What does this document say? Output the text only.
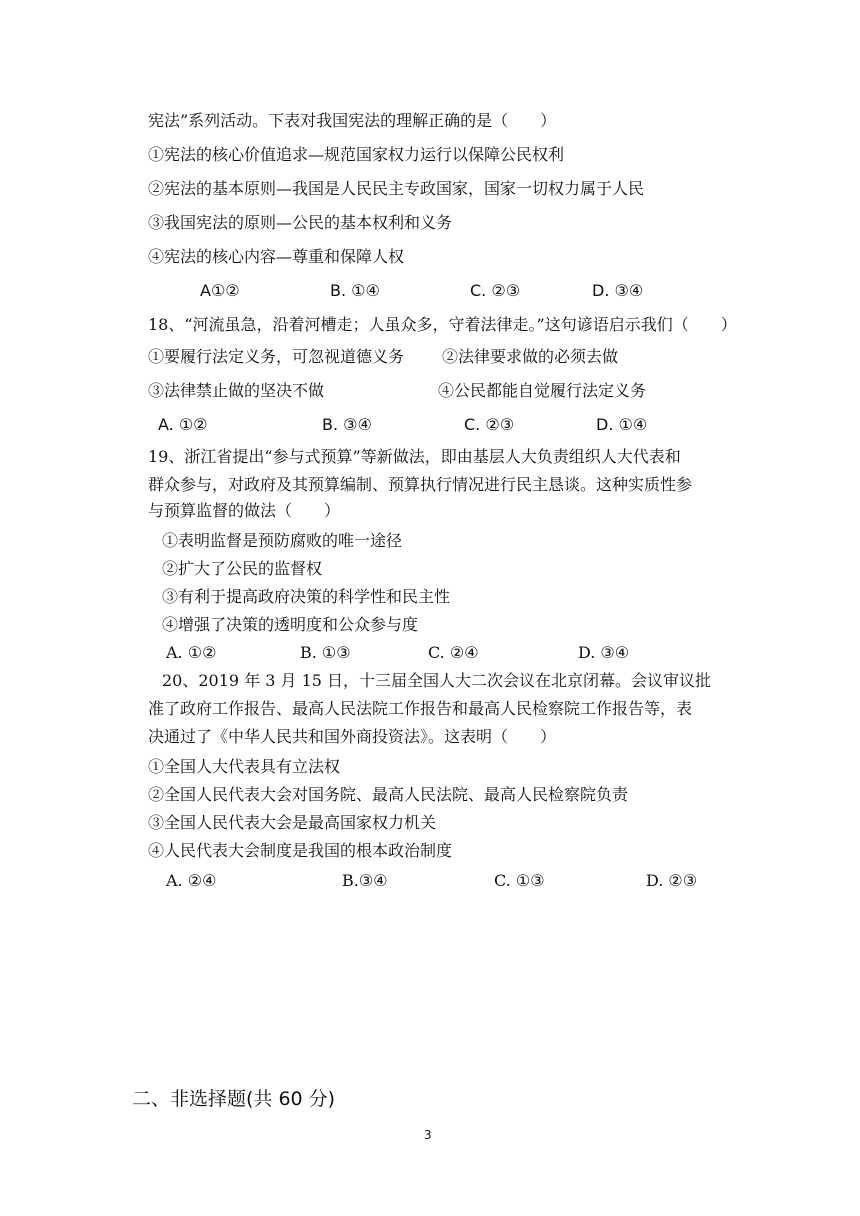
宪法”系列活动。下表对我国宪法的理解正确的是（　　）
①宪法的核心价值追求—规范国家权力运行以保障公民权利
②宪法的基本原则—我国是人民民主专政国家，国家一切权力属于人民
③我国宪法的原则—公民的基本权利和义务
④宪法的核心内容—尊重和保障人权
A①②	B. ①④	C. ②③	D. ③④
18、“河流虽急，沿着河槽走；人虽众多，守着法律走。”这句谚语启示我们（　　）
①要履行法定义务，可忽视道德义务 ②法律要求做的必须去做
③法律禁止做的坚决不做	④公民都能自觉履行法定义务
A. ①②	B. ③④	C. ②③	D. ①④
19、浙江省提出“参与式预算”等新做法，即由基层人大负责组织人大代表和
群众参与，对政府及其预算编制、预算执行情况进行民主恳谈。这种实质性参
与预算监督的做法（　　）
①表明监督是预防腐败的唯一途径
②扩大了公民的监督权
③有利于提高政府决策的科学性和民主性
④增强了决策的透明度和公众参与度
A. ①②	B. ①③	C. ②④	D. ③④
20、2019 年 3 月 15 日，十三届全国人大二次会议在北京闭幕。会议审议批
准了政府工作报告、最高人民法院工作报告和最高人民检察院工作报告等，表
决通过了《中华人民共和国外商投资法》。这表明（　　）
①全国人大代表具有立法权
②全国人民代表大会对国务院、最高人民法院、最高人民检察院负责
③全国人民代表大会是最高国家权力机关
④人民代表大会制度是我国的根本政治制度
A. ②④	B.③④	C. ①③	D. ②③
二、非选择题(共 60 分)
3
